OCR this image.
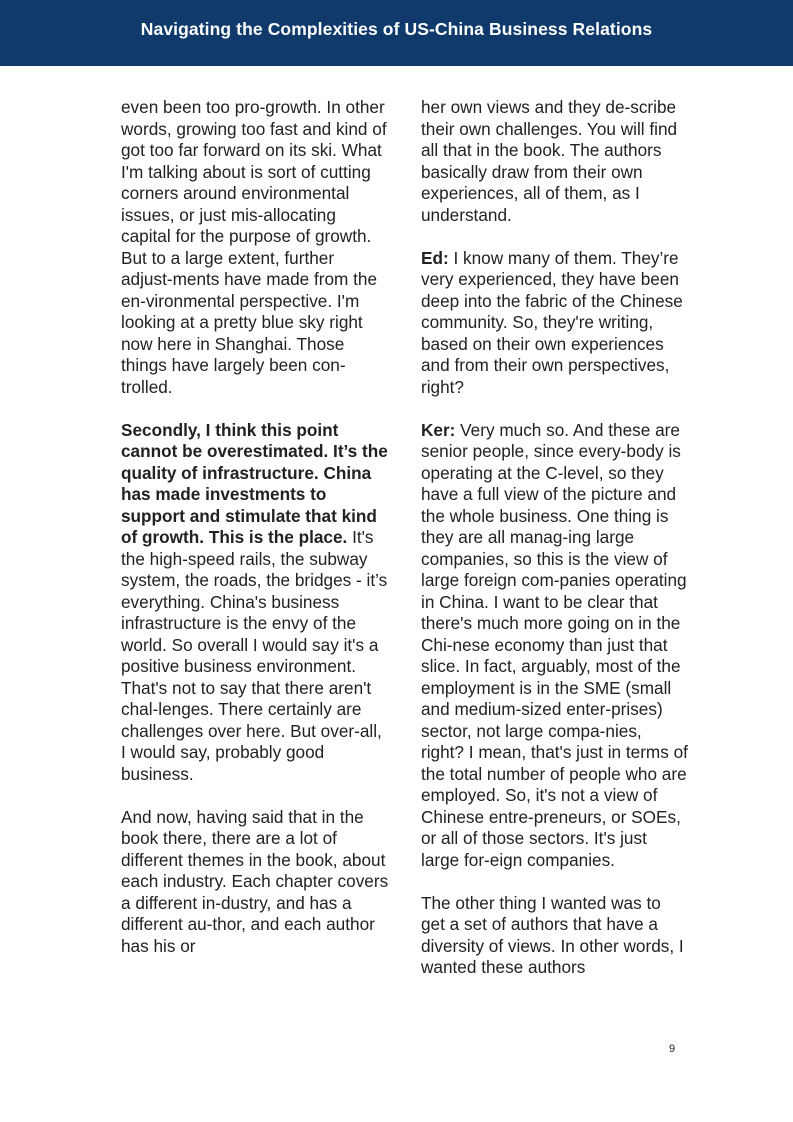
Navigating the Complexities of US-China Business Relations

even been too pro-growth. In other words, growing too fast and kind of got too far forward on its ski. What I'm talking about is sort of cutting corners around environmental issues, or just mis-allocating capital for the purpose of growth. But to a large extent, further adjust-ments have made from the en-vironmental perspective. I'm looking at a pretty blue sky right now here in Shanghai. Those things have largely been con-trolled.

Secondly, I think this point cannot be overestimated. It’s the quality of infrastructure. China has made investments to support and stimulate that kind of growth. This is the place. It's the high-speed rails, the subway system, the roads, the bridges - it’s everything. China's business infrastructure is the envy of the world. So overall I would say it's a positive business environment. That's not to say that there aren't chal-lenges. There certainly are challenges over here. But over-all, I would say, probably good business.

And now, having said that in the book there, there are a lot of different themes in the book, about each industry. Each chapter covers a different in-dustry, and has a different au-thor, and each author has his or

her own views and they de-scribe their own challenges. You will find all that in the book. The authors basically draw from their own experiences, all of them, as I understand.

Ed: I know many of them. They’re very experienced, they have been deep into the fabric of the Chinese community. So, they're writing, based on their own experiences and from their own perspectives, right?

Ker: Very much so. And these are senior people, since every-body is operating at the C-level, so they have a full view of the picture and the whole business. One thing is they are all manag-ing large companies, so this is the view of large foreign com-panies operating in China. I want to be clear that there's much more going on in the Chi-nese economy than just that slice. In fact, arguably, most of the employment is in the SME (small and medium-sized enter-prises) sector, not large compa-nies, right? I mean, that's just in terms of the total number of people who are employed. So, it's not a view of Chinese entre-preneurs, or SOEs, or all of those sectors. It's just large for-eign companies.

The other thing I wanted was to get a set of authors that have a diversity of views. In other words, I wanted these authors

9
